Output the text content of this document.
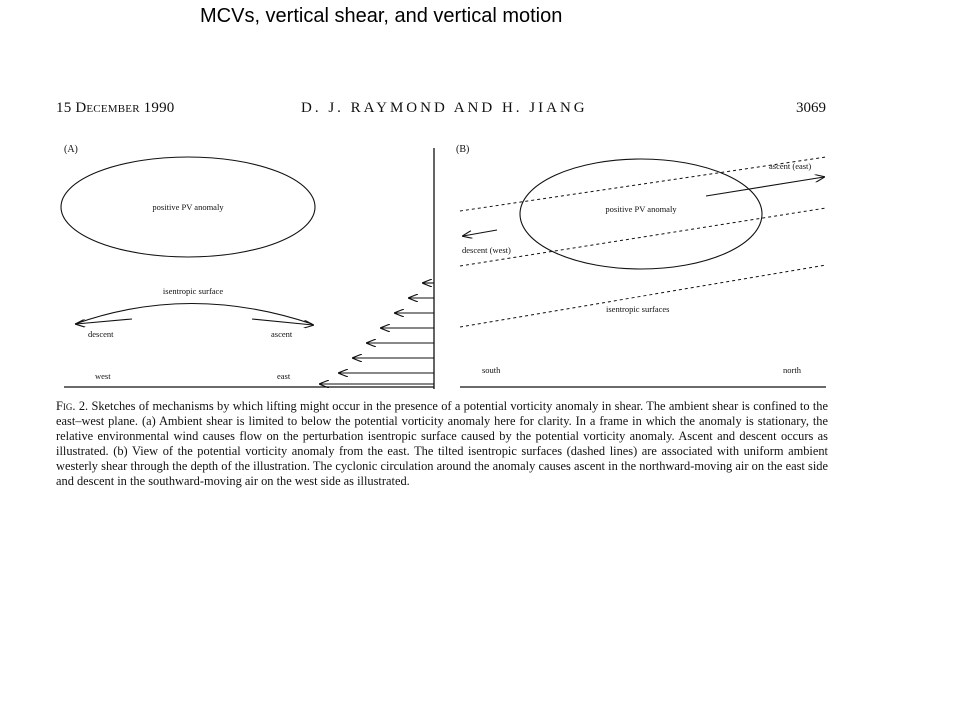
MCVs, vertical shear, and vertical motion
15 December 1990	D. J. RAYMOND AND H. JIANG	3069
(A)
positive PV anomaly
isentropic surface
descent	ascent
west	east
(B)
positive PV anomaly
ascent (east)
descent (west)
isentropic surfaces
south	north
Fig. 2. Sketches of mechanisms by which lifting might occur in the presence of a potential vorticity anomaly in shear. The ambient shear is confined to the east–west plane. (a) Ambient shear is limited to below the potential vorticity anomaly here for clarity. In a frame in which the anomaly is stationary, the relative environmental wind causes flow on the perturbation isentropic surface caused by the potential vorticity anomaly. Ascent and descent occurs as illustrated. (b) View of the potential vorticity anomaly from the east. The tilted isentropic surfaces (dashed lines) are associated with uniform ambient westerly shear through the depth of the illustration. The cyclonic circulation around the anomaly causes ascent in the northward-moving air on the east side and descent in the southward-moving air on the west side as illustrated.
